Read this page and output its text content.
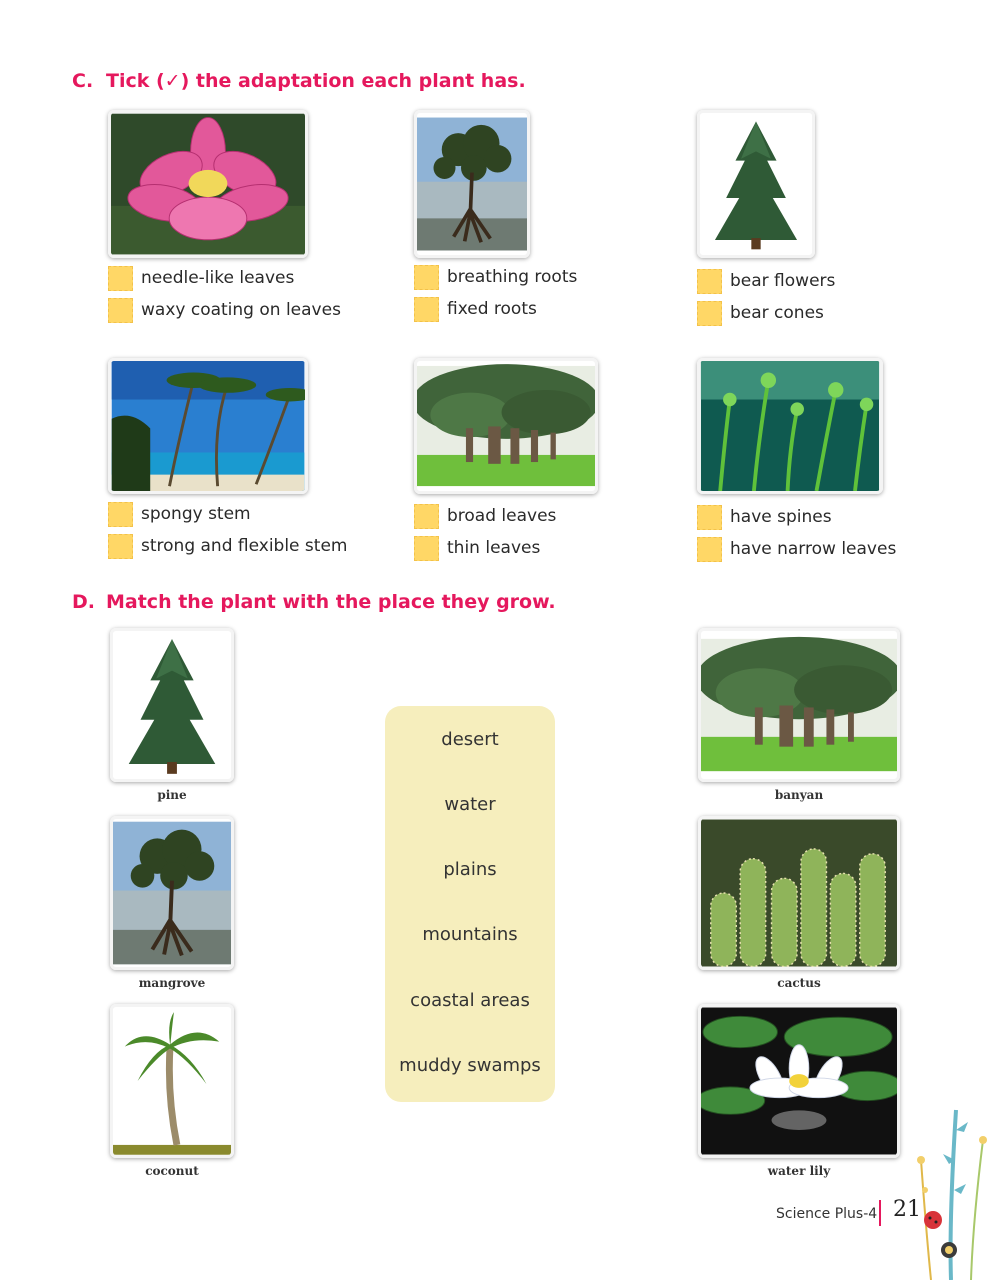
C. Tick (✓) the adaptation each plant has.
needle-like leaves
waxy coating on leaves
breathing roots
fixed roots
bear flowers
bear cones
spongy stem
strong and flexible stem
broad leaves
thin leaves
have spines
have narrow leaves
D. Match the plant with the place they grow.
pine
mangrove
coconut
desert
water
plains
mountains
coastal areas
muddy swamps
banyan
cactus
water lily
Science Plus-4 21
